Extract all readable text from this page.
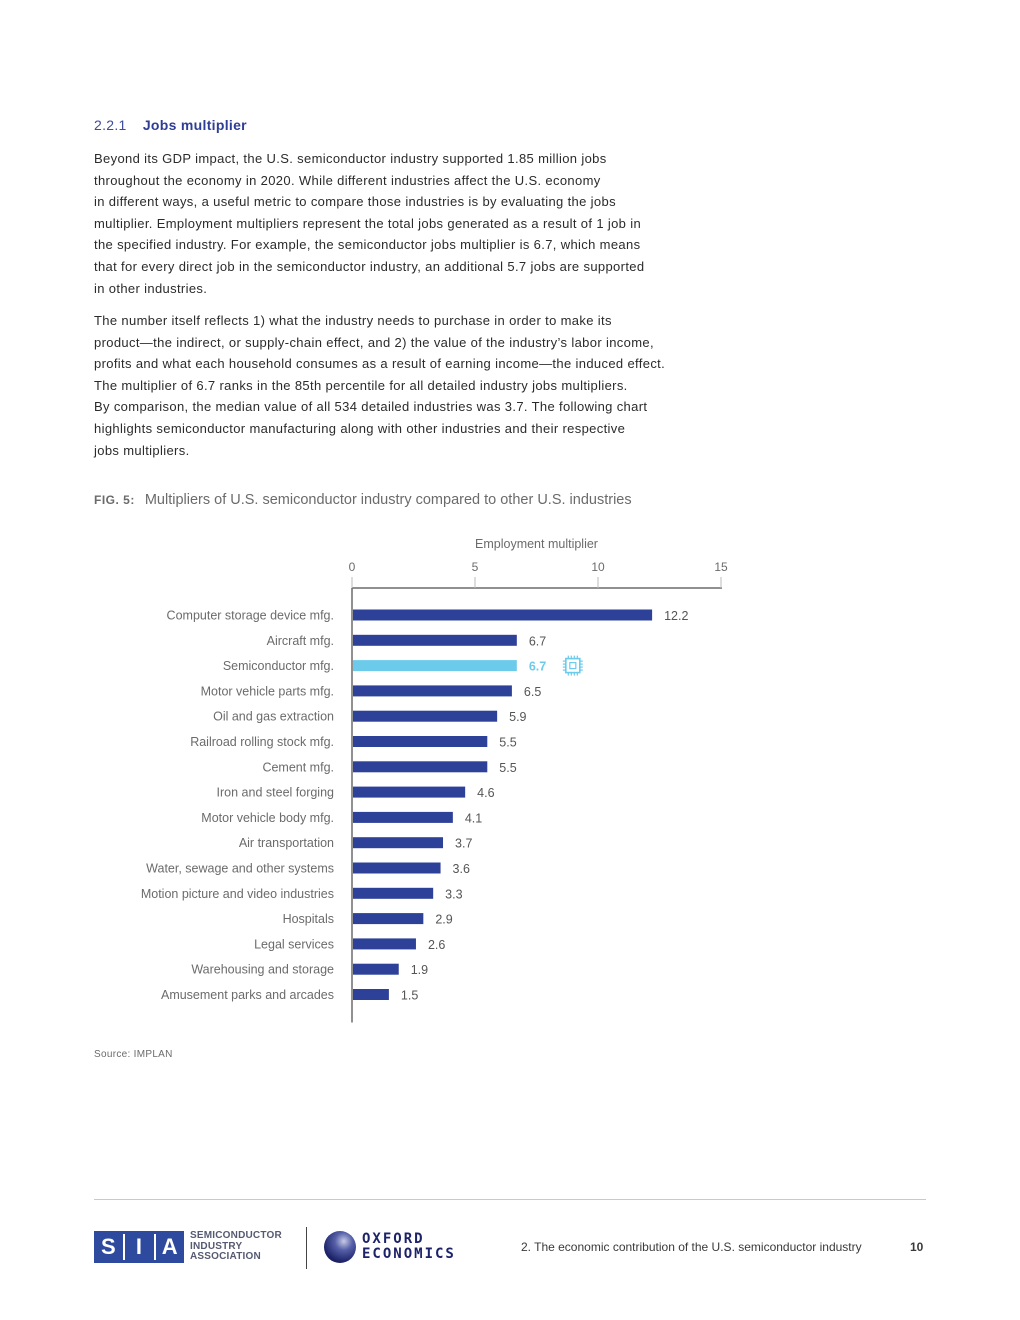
2.2.1 Jobs multiplier
Beyond its GDP impact, the U.S. semiconductor industry supported 1.85 million jobs
throughout the economy in 2020. While different industries affect the U.S. economy
in different ways, a useful metric to compare those industries is by evaluating the jobs
multiplier. Employment multipliers represent the total jobs generated as a result of 1 job in
the specified industry. For example, the semiconductor jobs multiplier is 6.7, which means
that for every direct job in the semiconductor industry, an additional 5.7 jobs are supported
in other industries.
The number itself reflects 1) what the industry needs to purchase in order to make its
product—the indirect, or supply-chain effect, and 2) the value of the industry’s labor income,
profits and what each household consumes as a result of earning income—the induced effect.
The multiplier of 6.7 ranks in the 85th percentile for all detailed industry jobs multipliers.
By comparison, the median value of all 534 detailed industries was 3.7. The following chart
highlights semiconductor manufacturing along with other industries and their respective
jobs multipliers.
FIG. 5: Multipliers of U.S. semiconductor industry compared to other U.S. industries
Employment multiplier
0	5	10	15
Computer storage device mfg.	12.2
Aircraft mfg.	6.7
Semiconductor mfg.	6.7
Motor vehicle parts mfg.	6.5
Oil and gas extraction	5.9
Railroad rolling stock mfg.	5.5
Cement mfg.	5.5
Iron and steel forging	4.6
Motor vehicle body mfg.	4.1
Air transportation	3.7
Water, sewage and other systems	3.6
Motion picture and video industries	3.3
Hospitals	2.9
Legal services	2.6
Warehousing and storage	1.9
Amusement parks and arcades	1.5
Source: IMPLAN
S I A	SEMICONDUCTOR
INDUSTRY
ASSOCIATION
OXFORD
ECONOMICS	2. The economic contribution of the U.S. semiconductor industry	10
